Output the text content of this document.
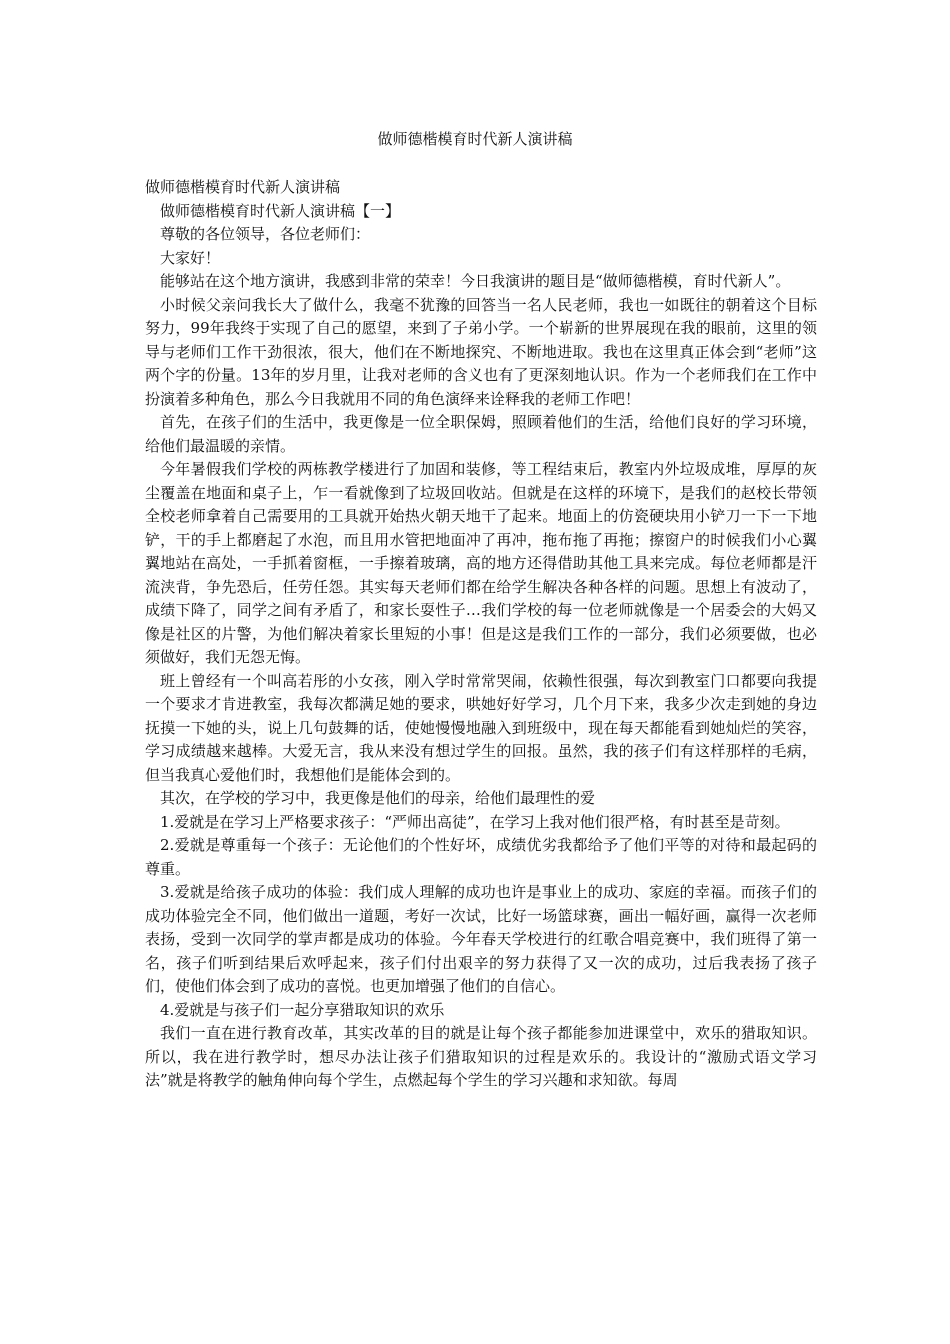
做师德楷模育时代新人演讲稿

做师德楷模育时代新人演讲稿

做师德楷模育时代新人演讲稿【一】

尊敬的各位领导，各位老师们：

大家好！

能够站在这个地方演讲，我感到非常的荣幸！今日我演讲的题目是“做师德楷模，育时代新人”。

小时候父亲问我长大了做什么，我毫不犹豫的回答当一名人民老师，我也一如既往的朝着这个目标努力，99年我终于实现了自己的愿望，来到了子弟小学。一个崭新的世界展现在我的眼前，这里的领导与老师们工作干劲很浓，很大，他们在不断地探究、不断地进取。我也在这里真正体会到“老师”这两个字的份量。13年的岁月里，让我对老师的含义也有了更深刻地认识。作为一个老师我们在工作中扮演着多种角色，那么今日我就用不同的角色演绎来诠释我的老师工作吧！

首先，在孩子们的生活中，我更像是一位全职保姆，照顾着他们的生活，给他们良好的学习环境，给他们最温暖的亲情。

今年暑假我们学校的两栋教学楼进行了加固和装修，等工程结束后，教室内外垃圾成堆，厚厚的灰尘覆盖在地面和桌子上，乍一看就像到了垃圾回收站。但就是在这样的环境下，是我们的赵校长带领全校老师拿着自己需要用的工具就开始热火朝天地干了起来。地面上的仿瓷硬块用小铲刀一下一下地铲，干的手上都磨起了水泡，而且用水管把地面冲了再冲，拖布拖了再拖；擦窗户的时候我们小心翼翼地站在高处，一手抓着窗框，一手擦着玻璃，高的地方还得借助其他工具来完成。每位老师都是汗流浃背，争先恐后，任劳任怨。其实每天老师们都在给学生解决各种各样的问题。思想上有波动了，成绩下降了，同学之间有矛盾了，和家长耍性子…我们学校的每一位老师就像是一个居委会的大妈又像是社区的片警，为他们解决着家长里短的小事！但是这是我们工作的一部分，我们必须要做，也必须做好，我们无怨无悔。

班上曾经有一个叫高若彤的小女孩，刚入学时常常哭闹，依赖性很强，每次到教室门口都要向我提一个要求才肯进教室，我每次都满足她的要求，哄她好好学习，几个月下来，我多少次走到她的身边抚摸一下她的头，说上几句鼓舞的话，使她慢慢地融入到班级中，现在每天都能看到她灿烂的笑容，学习成绩越来越棒。大爱无言，我从来没有想过学生的回报。虽然，我的孩子们有这样那样的毛病，但当我真心爱他们时，我想他们是能体会到的。

其次，在学校的学习中，我更像是他们的母亲，给他们最理性的爱

1.爱就是在学习上严格要求孩子：“严师出高徒”，在学习上我对他们很严格，有时甚至是苛刻。

2.爱就是尊重每一个孩子：无论他们的个性好坏，成绩优劣我都给予了他们平等的对待和最起码的尊重。

3.爱就是给孩子成功的体验：我们成人理解的成功也许是事业上的成功、家庭的幸福。而孩子们的成功体验完全不同，他们做出一道题，考好一次试，比好一场篮球赛，画出一幅好画，赢得一次老师表扬，受到一次同学的掌声都是成功的体验。今年春天学校进行的红歌合唱竞赛中，我们班得了第一名，孩子们听到结果后欢呼起来，孩子们付出艰辛的努力获得了又一次的成功，过后我表扬了孩子们，使他们体会到了成功的喜悦。也更加增强了他们的自信心。

4.爱就是与孩子们一起分享猎取知识的欢乐

我们一直在进行教育改革，其实改革的目的就是让每个孩子都能参加进课堂中，欢乐的猎取知识。所以，我在进行教学时，想尽办法让孩子们猎取知识的过程是欢乐的。我设计的“激励式语文学习法”就是将教学的触角伸向每个学生，点燃起每个学生的学习兴趣和求知欲。每周
